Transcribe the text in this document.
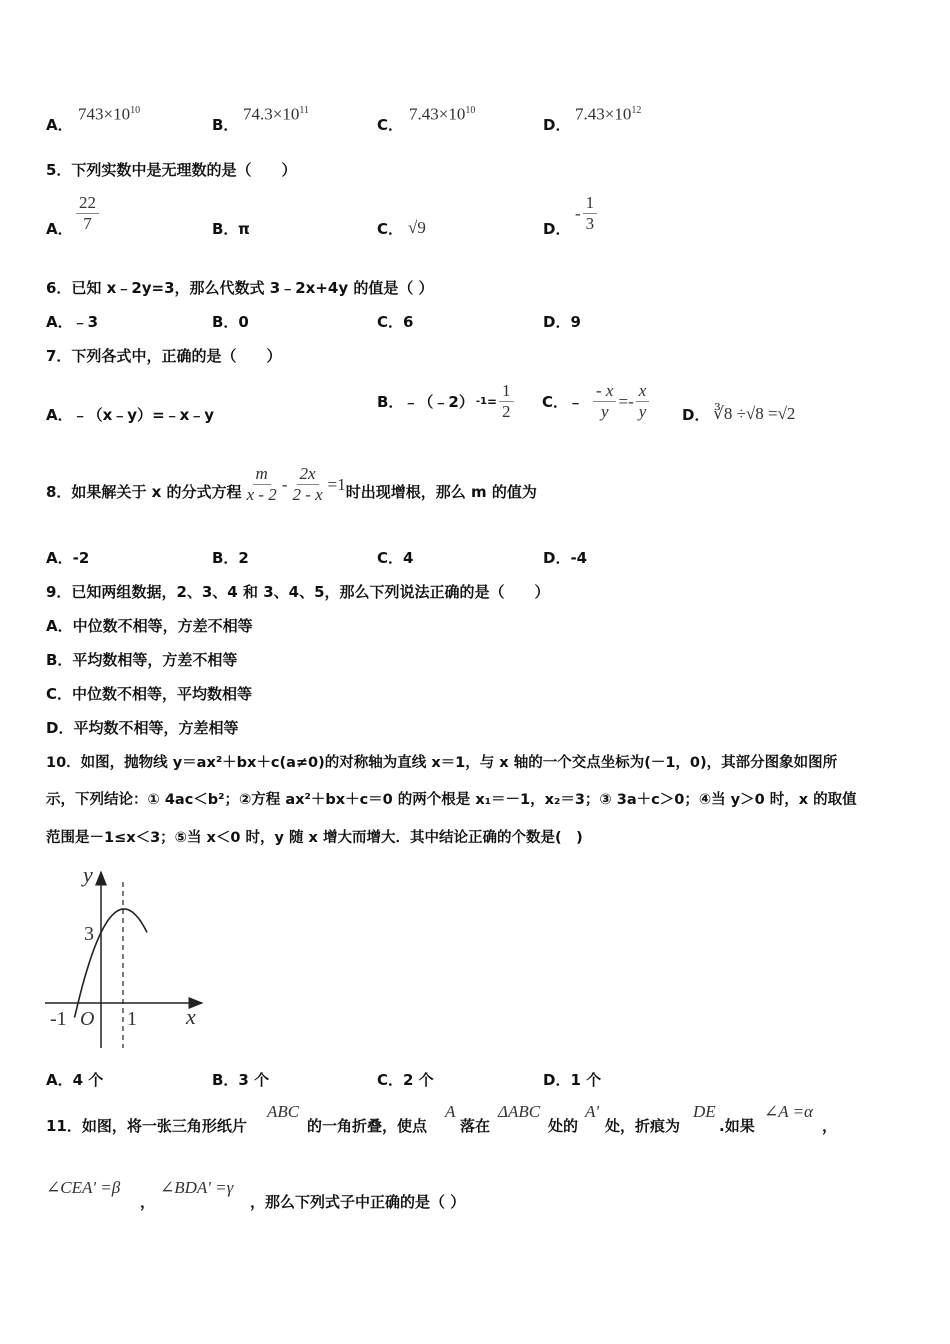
A．
$743\times 10^{10}$
B．
$74.3\times 10^{11}$
C．
$7.43\times 10^{10}$
D．
$7.43\times 10^{12}$
5．下列实数中是无理数的是（　　）
A． $\frac{22}{7}$	B． π	C． √9	D．
- $\frac{1}{3}$
6．已知 x﹣2y=3，那么代数式 3﹣2x+4y 的值是（ ）
A．﹣3	B．0	C．6	D．9
7．下列各式中，正确的是（　　）
A．﹣（x﹣y）=﹣x﹣y
B．﹣（﹣2） $-1 = \frac{1}{2}$ C．﹣ $\frac{- x}{y} =- \frac{x}{y}$ D． ∛8 ÷√8 =√2
8．如果解关于 x 的分式方程 $\frac{m}{x - 2} - \frac{2x}{2 - x} =1$ 时出现增根，那么 m 的值为
A．-2	B．2	C．4	D．-4
9．已知两组数据，2、3、4 和 3、4、5，那么下列说法正确的是（　　）
A．中位数不相等，方差不相等
B．平均数相等，方差不相等
C．中位数不相等，平均数相等
D．平均数不相等，方差相等
10．如图，抛物线 y＝ax²＋bx＋c(a≠0)的对称轴为直线 x＝1，与 x 轴的一个交点坐标为(－1，0)，其部分图象如图所
示，下列结论：① 4ac＜b²；②方程 ax²＋bx＋c＝0 的两个根是 x₁＝－1，x₂＝3；③ 3a＋c＞0；④当 y＞0 时，x 的取值
范围是－1≤x＜3；⑤当 x＜0 时，y 随 x 增大而增大．其中结论正确的个数是(　)
y
x
3
-1 O 1
A．4 个	B．3 个	C．2 个	D．1 个
11．如图，将一张三角形纸片
ABC
的一角折叠，使点
A
落在
ΔABC
处的
A'
处，折痕为
DE
.如果
∠A =α
，
∠CEA' =β
，
∠BDA' =γ
，那么下列式子中正确的是（ ）
